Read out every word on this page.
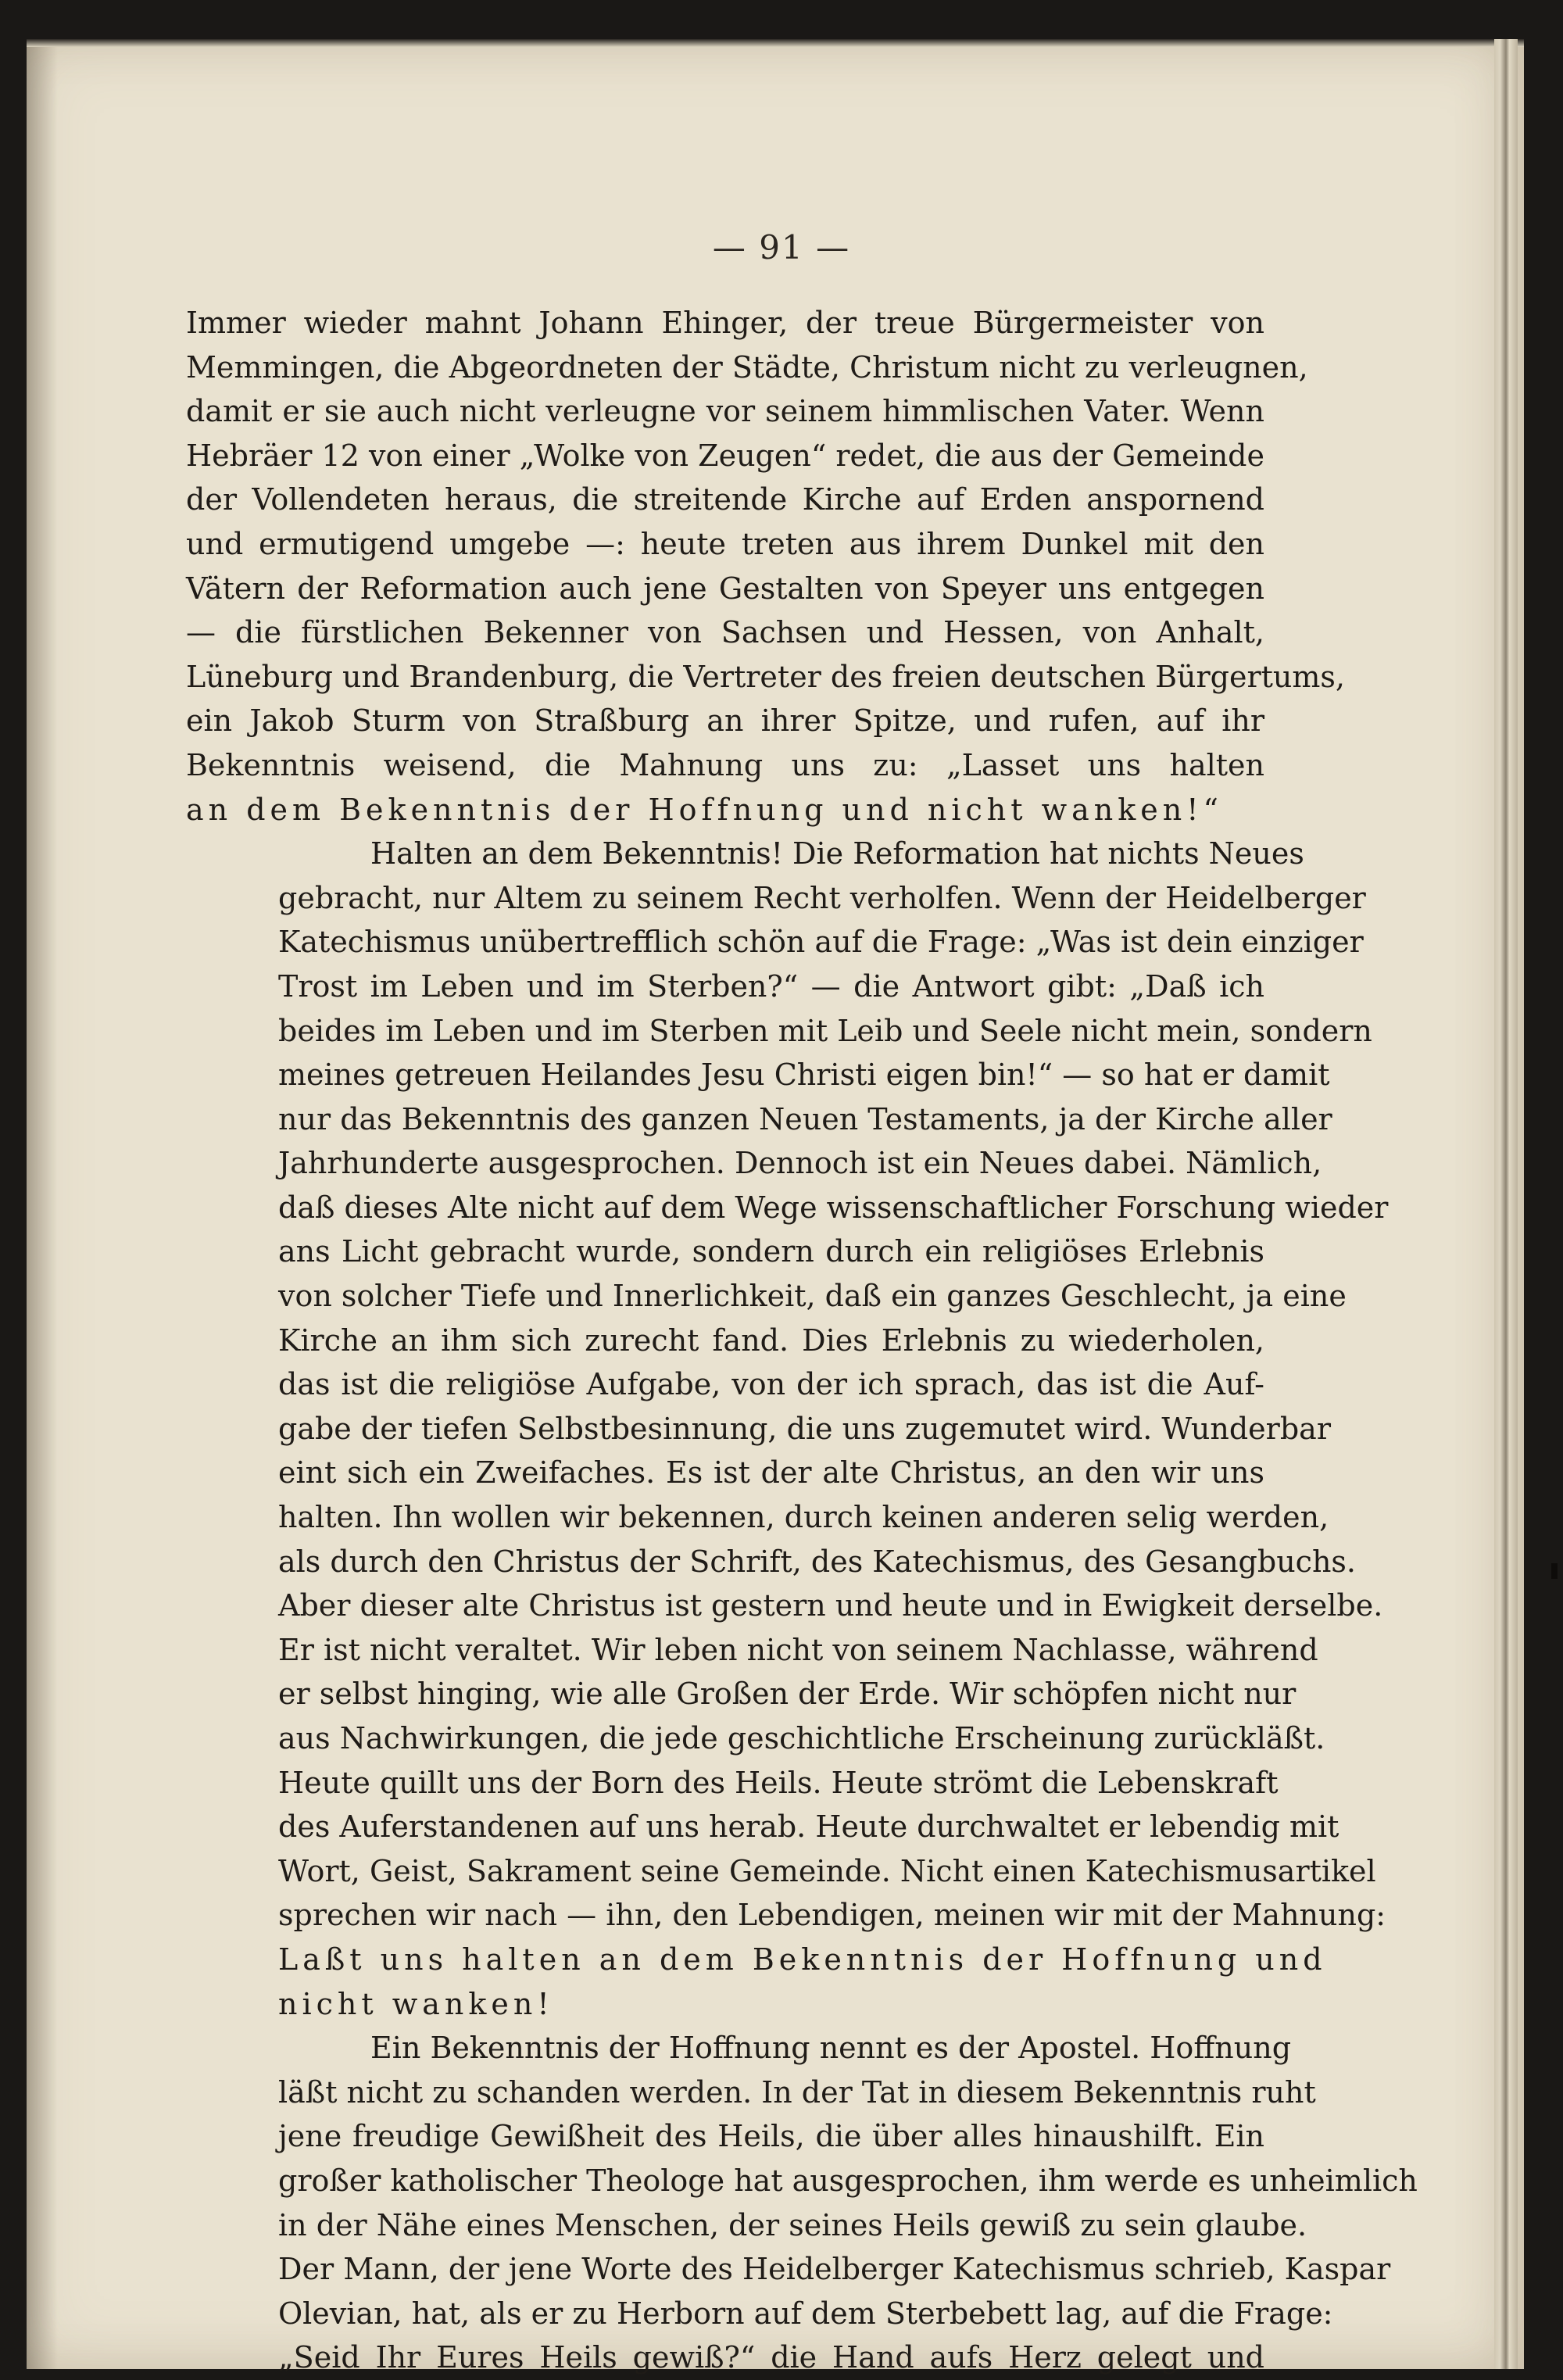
— 91 —

Immer wieder mahnt Johann Ehinger, der treue Bürgermeister von
Memmingen, die Abgeordneten der Städte, Christum nicht zu verleugnen,
damit er sie auch nicht verleugne vor seinem himmlischen Vater. Wenn
Hebräer 12 von einer „Wolke von Zeugen“ redet, die aus der Gemeinde
der Vollendeten heraus, die streitende Kirche auf Erden anspornend
und ermutigend umgebe —: heute treten aus ihrem Dunkel mit den
Vätern der Reformation auch jene Gestalten von Speyer uns entgegen
— die fürstlichen Bekenner von Sachsen und Hessen, von Anhalt,
Lüneburg und Brandenburg, die Vertreter des freien deutschen Bürgertums,
ein Jakob Sturm von Straßburg an ihrer Spitze, und rufen, auf ihr
Bekenntnis weisend, die Mahnung uns zu: „Lasset uns halten
an dem Bekenntnis der Hoffnung und nicht wanken!“

Halten an dem Bekenntnis! Die Reformation hat nichts Neues
gebracht, nur Altem zu seinem Recht verholfen. Wenn der Heidelberger
Katechismus unübertrefflich schön auf die Frage: „Was ist dein einziger
Trost im Leben und im Sterben?“ — die Antwort gibt: „Daß ich
beides im Leben und im Sterben mit Leib und Seele nicht mein, sondern
meines getreuen Heilandes Jesu Christi eigen bin!“ — so hat er damit
nur das Bekenntnis des ganzen Neuen Testaments, ja der Kirche aller
Jahrhunderte ausgesprochen. Dennoch ist ein Neues dabei. Nämlich,
daß dieses Alte nicht auf dem Wege wissenschaftlicher Forschung wieder
ans Licht gebracht wurde, sondern durch ein religiöses Erlebnis
von solcher Tiefe und Innerlichkeit, daß ein ganzes Geschlecht, ja eine
Kirche an ihm sich zurecht fand. Dies Erlebnis zu wiederholen,
das ist die religiöse Aufgabe, von der ich sprach, das ist die Auf-
gabe der tiefen Selbstbesinnung, die uns zugemutet wird. Wunderbar
eint sich ein Zweifaches. Es ist der alte Christus, an den wir uns
halten. Ihn wollen wir bekennen, durch keinen anderen selig werden,
als durch den Christus der Schrift, des Katechismus, des Gesangbuchs.
Aber dieser alte Christus ist gestern und heute und in Ewigkeit derselbe.
Er ist nicht veraltet. Wir leben nicht von seinem Nachlasse, während
er selbst hinging, wie alle Großen der Erde. Wir schöpfen nicht nur
aus Nachwirkungen, die jede geschichtliche Erscheinung zurückläßt.
Heute quillt uns der Born des Heils. Heute strömt die Lebenskraft
des Auferstandenen auf uns herab. Heute durchwaltet er lebendig mit
Wort, Geist, Sakrament seine Gemeinde. Nicht einen Katechismusartikel
sprechen wir nach — ihn, den Lebendigen, meinen wir mit der Mahnung:
Laßt uns halten an dem Bekenntnis der Hoffnung und
nicht wanken!

Ein Bekenntnis der Hoffnung nennt es der Apostel. Hoffnung
läßt nicht zu schanden werden. In der Tat in diesem Bekenntnis ruht
jene freudige Gewißheit des Heils, die über alles hinaushilft. Ein
großer katholischer Theologe hat ausgesprochen, ihm werde es unheimlich
in der Nähe eines Menschen, der seines Heils gewiß zu sein glaube.
Der Mann, der jene Worte des Heidelberger Katechismus schrieb, Kaspar
Olevian, hat, als er zu Herborn auf dem Sterbebett lag, auf die Frage:
„Seid Ihr Eures Heils gewiß?“ die Hand aufs Herz gelegt und
